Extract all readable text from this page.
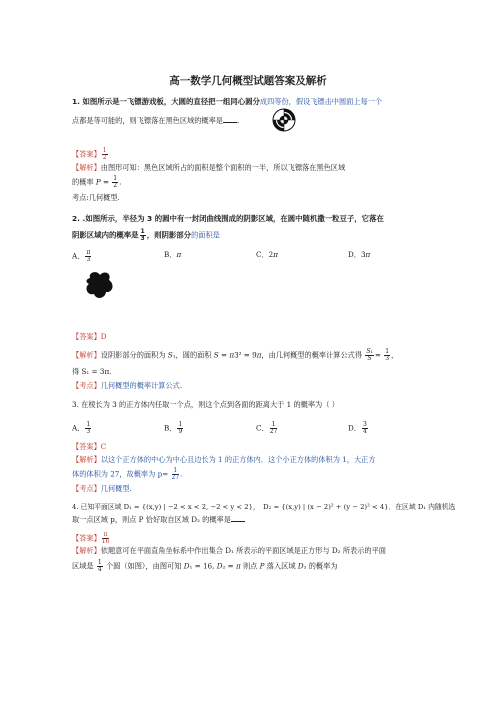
高一数学几何概型试题答案及解析
1. 如图所示是一飞镖游戏板，大圆的直径把一组同心圆分成四等份，假设飞镖击中圆面上每一个
点都是等可能的，则飞镖落在黑色区域的概率是 .
【答案】 $\frac{1}{2}$
【解析】由图形可知：黑色区域所占的面积是整个面积的一半，所以飞镖落在黑色区域
的概率 $P = \frac{1}{2}$ .
考点:几何概型.
2. .如图所示，半径为 3 的圆中有一封闭曲线围成的阴影区域，在圆中随机撒一粒豆子，它落在
阴影区域内的概率是 $\frac{1}{3}$ ，则阴影部分的面积是
A． $\frac{\pi}{3}$	B．π	C．2π	D．3π
【答案】D
【解析】设阴影部分的面积为 S₁，圆的面积 S = π3² = 9π，由几何概型的概率计算公式得 $\frac{\text{S₁}}{S} = \frac{1}{3}$ ，
得 S₁ = 3π.
【考点】几何概型的概率计算公式.
3. 在棱长为 3 的正方体内任取一个点，则这个点到各面的距离大于 1 的概率为（ ）
A． $\frac{1}{3}$	B． $\frac{1}{9}$	C． $\frac{1}{27}$	D． $\frac{3}{4}$
【答案】C
【解析】以这个正方体的中心为中心且边长为 1 的正方体内．这个小正方体的体积为 1，大正方
体的体积为 27，故概率为 $p= \frac{1}{27}$ .
【考点】几何概型.
4. 已知平面区域 D₁ = {(x,y) | −2 < x < 2, −2 < y < 2}，　D₂ = {(x,y) | (x − 2)² + (y − 2)² < 4}．在区域 D₁ 内随机选
取一点区域 p，则点 P 恰好取自区域 D₂ 的概率是
【答案】 $\frac{\pi}{16}$
【解析】依题意可在平面直角坐标系中作出集合 D₁ 所表示的平面区域是正方形与 D₂ 所表示的平面
区域是 $\frac{1}{4}$ 个圆（如图），由图可知 D₁ = 16, D₂ = π 则点 P 落入区域 D₂ 的概率为
